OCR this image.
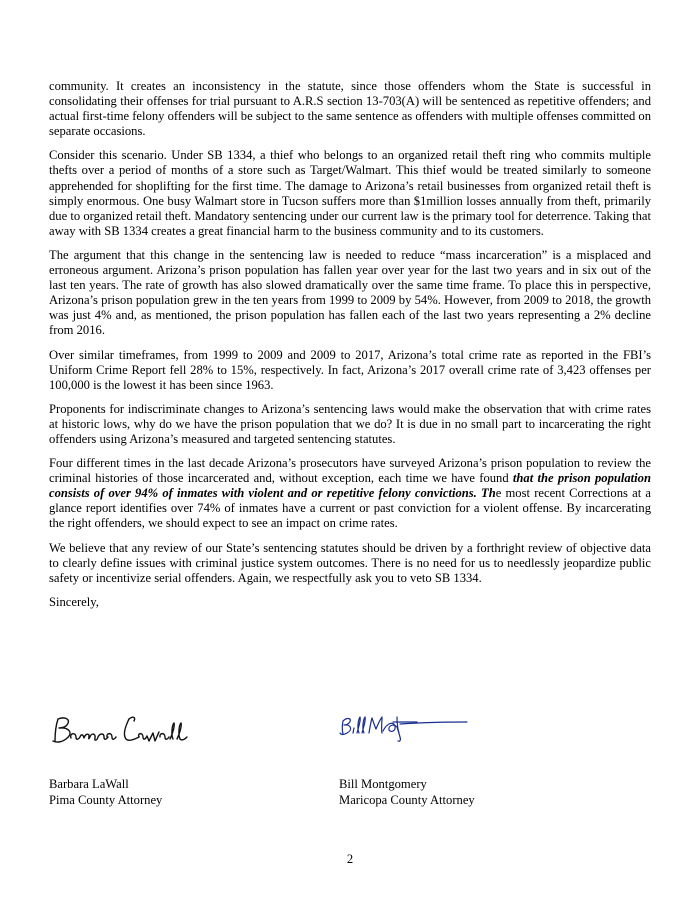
community. It creates an inconsistency in the statute, since those offenders whom the State is successful in consolidating their offenses for trial pursuant to A.R.S section 13-703(A) will be sentenced as repetitive offenders; and actual first-time felony offenders will be subject to the same sentence as offenders with multiple offenses committed on separate occasions.

Consider this scenario. Under SB 1334, a thief who belongs to an organized retail theft ring who commits multiple thefts over a period of months of a store such as Target/Walmart. This thief would be treated similarly to someone apprehended for shoplifting for the first time. The damage to Arizona’s retail businesses from organized retail theft is simply enormous. One busy Walmart store in Tucson suffers more than $1million losses annually from theft, primarily due to organized retail theft. Mandatory sentencing under our current law is the primary tool for deterrence. Taking that away with SB 1334 creates a great financial harm to the business community and to its customers.

The argument that this change in the sentencing law is needed to reduce “mass incarceration” is a misplaced and erroneous argument. Arizona’s prison population has fallen year over year for the last two years and in six out of the last ten years. The rate of growth has also slowed dramatically over the same time frame. To place this in perspective, Arizona’s prison population grew in the ten years from 1999 to 2009 by 54%. However, from 2009 to 2018, the growth was just 4% and, as mentioned, the prison population has fallen each of the last two years representing a 2% decline from 2016.

Over similar timeframes, from 1999 to 2009 and 2009 to 2017, Arizona’s total crime rate as reported in the FBI’s Uniform Crime Report fell 28% to 15%, respectively. In fact, Arizona’s 2017 overall crime rate of 3,423 offenses per 100,000 is the lowest it has been since 1963.

Proponents for indiscriminate changes to Arizona’s sentencing laws would make the observation that with crime rates at historic lows, why do we have the prison population that we do? It is due in no small part to incarcerating the right offenders using Arizona’s measured and targeted sentencing statutes.

Four different times in the last decade Arizona’s prosecutors have surveyed Arizona’s prison population to review the criminal histories of those incarcerated and, without exception, each time we have found that the prison population consists of over 94% of inmates with violent and or repetitive felony convictions. The most recent Corrections at a glance report identifies over 74% of inmates have a current or past conviction for a violent offense. By incarcerating the right offenders, we should expect to see an impact on crime rates.

We believe that any review of our State’s sentencing statutes should be driven by a forthright review of objective data to clearly define issues with criminal justice system outcomes. There is no need for us to needlessly jeopardize public safety or incentivize serial offenders. Again, we respectfully ask you to veto SB 1334.

Sincerely,

Barbara LaWall
Barbara LaWall
Pima County Attorney
Bill Montgomery
Bill Montgomery
Maricopa County Attorney
2
